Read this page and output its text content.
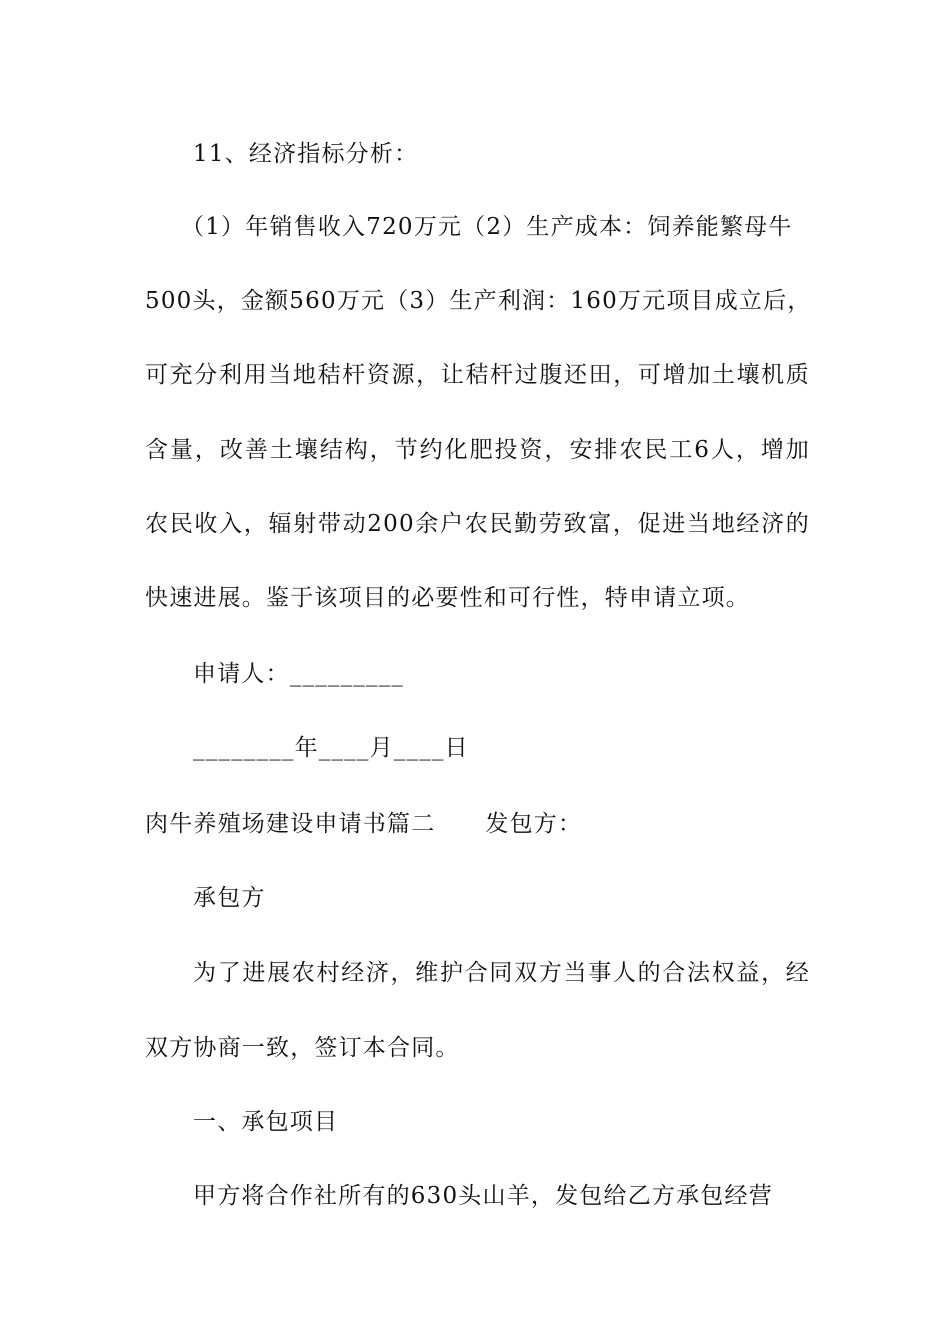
11、经济指标分析：
（1）年销售收入720万元（2）生产成本：饲养能繁母牛
500头，金额560万元（3）生产利润：160万元项目成立后，
可充分利用当地秸杆资源，让秸杆过腹还田，可增加土壤机质
含量，改善土壤结构，节约化肥投资，安排农民工6人，增加
农民收入，辐射带动200余户农民勤劳致富，促进当地经济的
快速进展。鉴于该项目的必要性和可行性，特申请立项。
申请人：_________
________年____月____日
肉牛养殖场建设申请书篇二 发包方：
承包方
为了进展农村经济，维护合同双方当事人的合法权益，经
双方协商一致，签订本合同。
一、承包项目
甲方将合作社所有的630头山羊，发包给乙方承包经营
